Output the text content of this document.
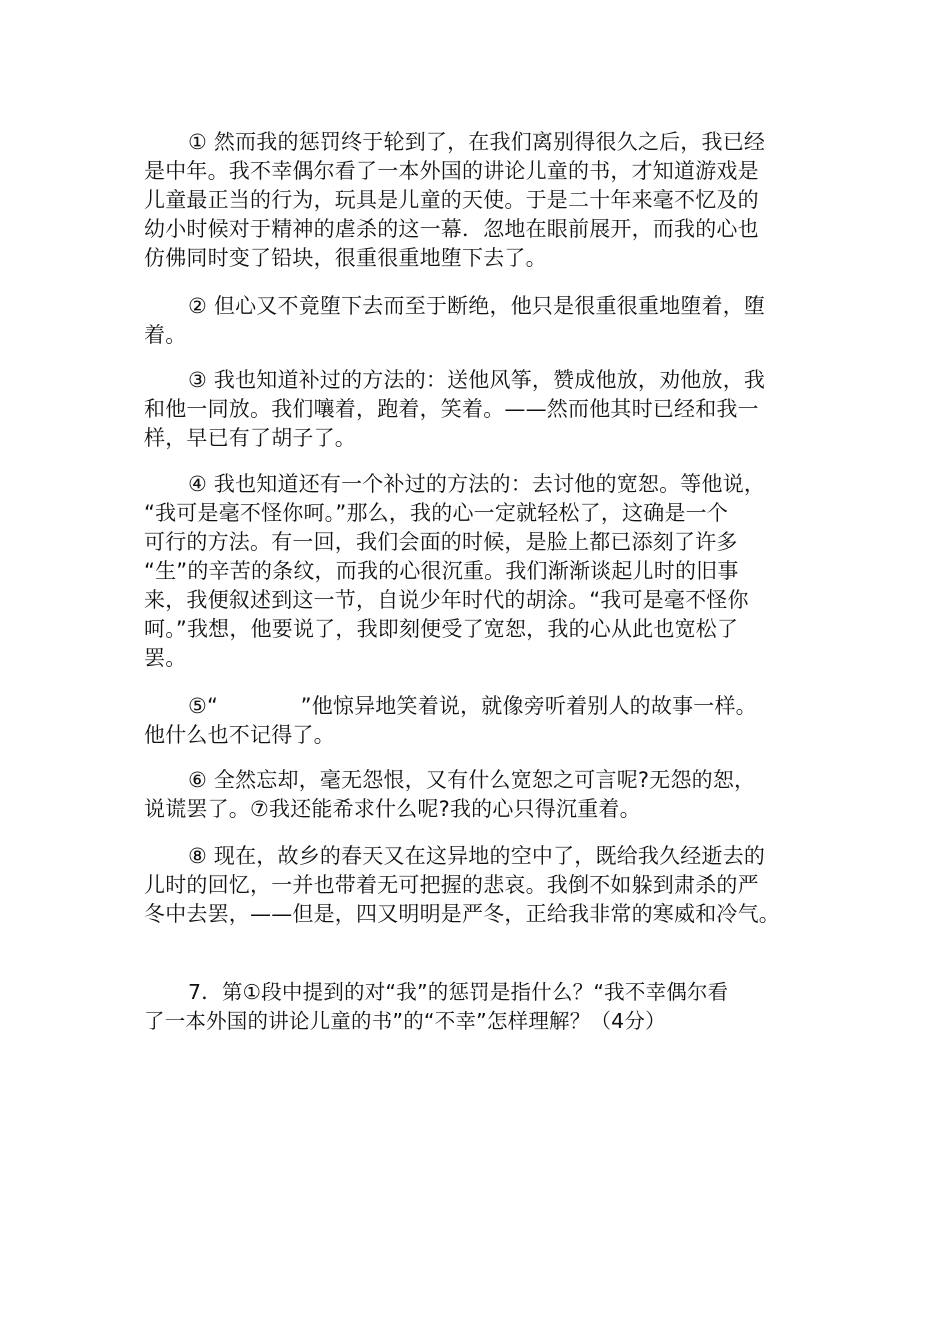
① 然而我的惩罚终于轮到了，在我们离别得很久之后，我已经
是中年。我不幸偶尔看了一本外国的讲论儿童的书，才知道游戏是
儿童最正当的行为，玩具是儿童的天使。于是二十年来毫不忆及的
幼小时候对于精神的虐杀的这一幕．忽地在眼前展开，而我的心也
仿佛同时变了铅块，很重很重地堕下去了。
② 但心又不竟堕下去而至于断绝，他只是很重很重地堕着，堕
着。
③ 我也知道补过的方法的：送他风筝，赞成他放，劝他放，我
和他一同放。我们嚷着，跑着，笑着。——然而他其时已经和我一
样，早已有了胡子了。
④ 我也知道还有一个补过的方法的：去讨他的宽恕。等他说，
“我可是毫不怪你呵。”那么，我的心一定就轻松了，这确是一个
可行的方法。有一回，我们会面的时候，是脸上都已添刻了许多
“生”的辛苦的条纹，而我的心很沉重。我们渐渐谈起儿时的旧事
来，我便叙述到这一节，自说少年时代的胡涂。“我可是毫不怪你
呵。”我想，他要说了，我即刻便受了宽恕，我的心从此也宽松了
罢。
⑤“            ”他惊异地笑着说，就像旁听着别人的故事一样。
他什么也不记得了。
⑥ 全然忘却，毫无怨恨，又有什么宽恕之可言呢?无怨的恕，
说谎罢了。⑦我还能希求什么呢?我的心只得沉重着。
⑧ 现在，故乡的春天又在这异地的空中了，既给我久经逝去的
儿时的回忆，一并也带着无可把握的悲哀。我倒不如躲到肃杀的严
冬中去罢，——但是，四又明明是严冬，正给我非常的寒威和冷气。
7．第①段中提到的对“我”的惩罚是指什么？“我不幸偶尔看
了一本外国的讲论儿童的书”的“不幸”怎样理解？（4分）
